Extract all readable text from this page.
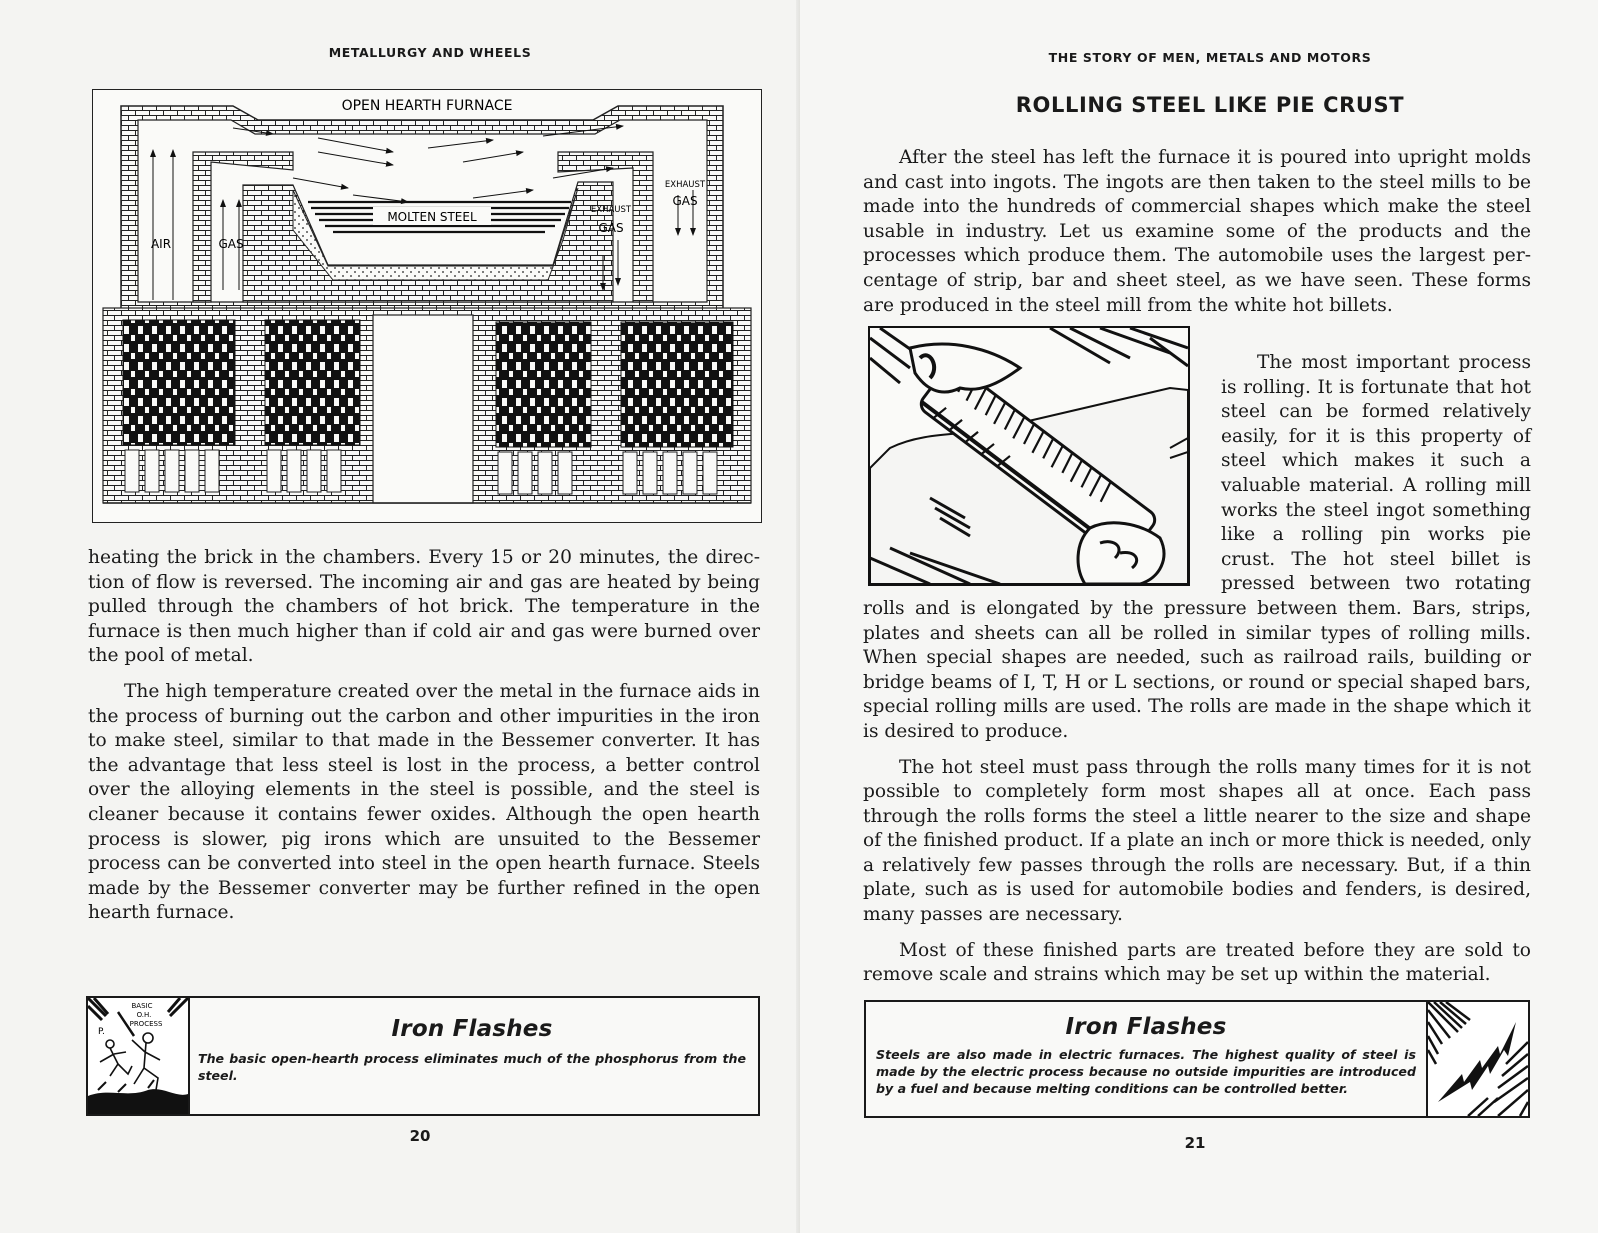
METALLURGY AND WHEELS
MOLTEN STEEL
OPEN HEARTH FURNACE
AIR	GAS
EXHAUST
GAS
EXHAUST
GAS

heating the brick in the chambers. Every 15 or 20 minutes, the direction of flow is reversed. The incoming air and gas are heated by being pulled through the chambers of hot brick. The temperature in the furnace is then much higher than if cold air and gas were burned over the pool of metal.

The high temperature created over the metal in the furnace aids in the process of burning out the carbon and other impurities in the iron to make steel, similar to that made in the Bessemer converter. It has the advantage that less steel is lost in the process, a better control over the alloying elements in the steel is possible, and the steel is cleaner because it contains fewer oxides. Although the open hearth process is slower, pig irons which are unsuited to the Bessemer process can be converted into steel in the open hearth furnace. Steels made by the Bessemer converter may be further refined in the open hearth furnace.

BASIC
O.H.
PROCESS
P.	Iron Flashes
The basic open-hearth process eliminates much of the phosphorus from the steel.
20
THE STORY OF MEN, METALS AND MOTORS
ROLLING STEEL LIKE PIE CRUST

After the steel has left the furnace it is poured into upright molds and cast into ingots. The ingots are then taken to the steel mills to be made into the hundreds of commercial shapes which make the steel usable in industry. Let us examine some of the products and the processes which produce them. The automobile uses the largest percentage of strip, bar and sheet steel, as we have seen. These forms are produced in the steel mill from the white hot billets.

The most important process is rolling. It is fortunate that hot steel can be formed relatively easily, for it is this property of steel which makes it such a valuable material. A rolling mill works the steel ingot something like a rolling pin works pie crust. The hot steel billet is pressed between two rotating rolls and is elongated by the pressure between them. Bars, strips, plates and sheets can all be rolled in similar types of rolling mills. When special shapes are needed, such as railroad rails, building or bridge beams of I, T, H or L sections, or round or special shaped bars, special rolling mills are used. The rolls are made in the shape which it is desired to produce.

The hot steel must pass through the rolls many times for it is not possible to completely form most shapes all at once. Each pass through the rolls forms the steel a little nearer to the size and shape of the finished product. If a plate an inch or more thick is needed, only a relatively few passes through the rolls are necessary. But, if a thin plate, such as is used for automobile bodies and fenders, is desired, many passes are necessary.

Most of these finished parts are treated before they are sold to remove scale and strains which may be set up within the material.

Iron Flashes
Steels are also made in electric furnaces. The highest quality of steel is made by the electric process because no outside impurities are introduced by a fuel and because melting conditions can be controlled better.
21
